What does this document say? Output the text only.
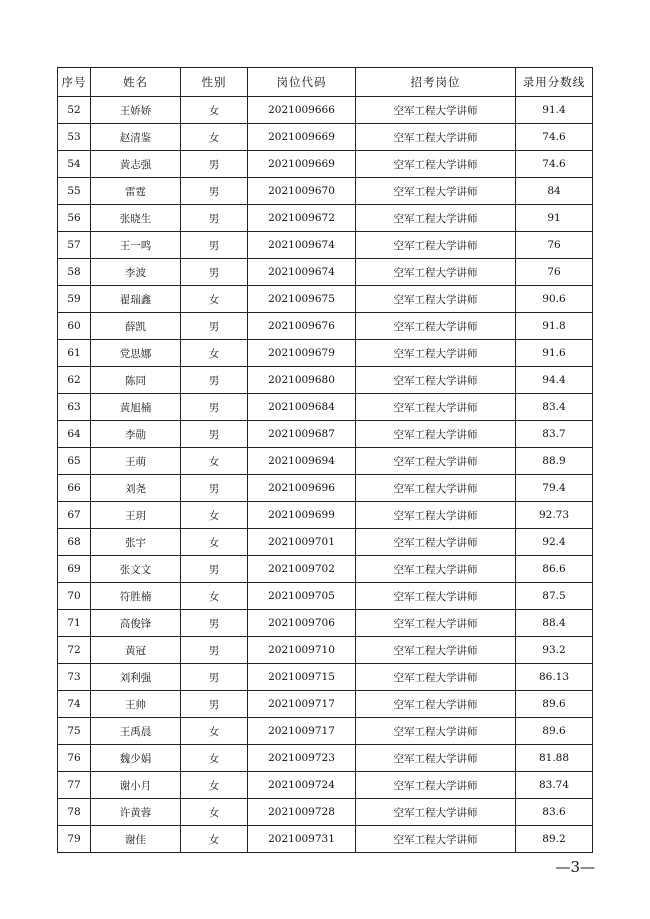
序号	姓名	性别	岗位代码	招考岗位	录用分数线
52	王娇娇	女	2021009666	空军工程大学讲师	91.4
53	赵清鉴	女	2021009669	空军工程大学讲师	74.6
54	黄志强	男	2021009669	空军工程大学讲师	74.6
55	雷霆	男	2021009670	空军工程大学讲师	84
56	张晓生	男	2021009672	空军工程大学讲师	91
57	王一鸣	男	2021009674	空军工程大学讲师	76
58	李波	男	2021009674	空军工程大学讲师	76
59	翟瑞鑫	女	2021009675	空军工程大学讲师	90.6
60	薛凯	男	2021009676	空军工程大学讲师	91.8
61	党思娜	女	2021009679	空军工程大学讲师	91.6
62	陈同	男	2021009680	空军工程大学讲师	94.4
63	黄旭楠	男	2021009684	空军工程大学讲师	83.4
64	李勋	男	2021009687	空军工程大学讲师	83.7
65	王萌	女	2021009694	空军工程大学讲师	88.9
66	刘尧	男	2021009696	空军工程大学讲师	79.4
67	王玥	女	2021009699	空军工程大学讲师	92.73
68	张宇	女	2021009701	空军工程大学讲师	92.4
69	张文文	男	2021009702	空军工程大学讲师	86.6
70	符胜楠	女	2021009705	空军工程大学讲师	87.5
71	高俊锋	男	2021009706	空军工程大学讲师	88.4
72	黄冠	男	2021009710	空军工程大学讲师	93.2
73	刘利强	男	2021009715	空军工程大学讲师	86.13
74	王帅	男	2021009717	空军工程大学讲师	89.6
75	王禹晨	女	2021009717	空军工程大学讲师	89.6
76	魏少娟	女	2021009723	空军工程大学讲师	81.88
77	谢小月	女	2021009724	空军工程大学讲师	83.74
78	许黄蓉	女	2021009728	空军工程大学讲师	83.6
79	谢佳	女	2021009731	空军工程大学讲师	89.2
—3—
